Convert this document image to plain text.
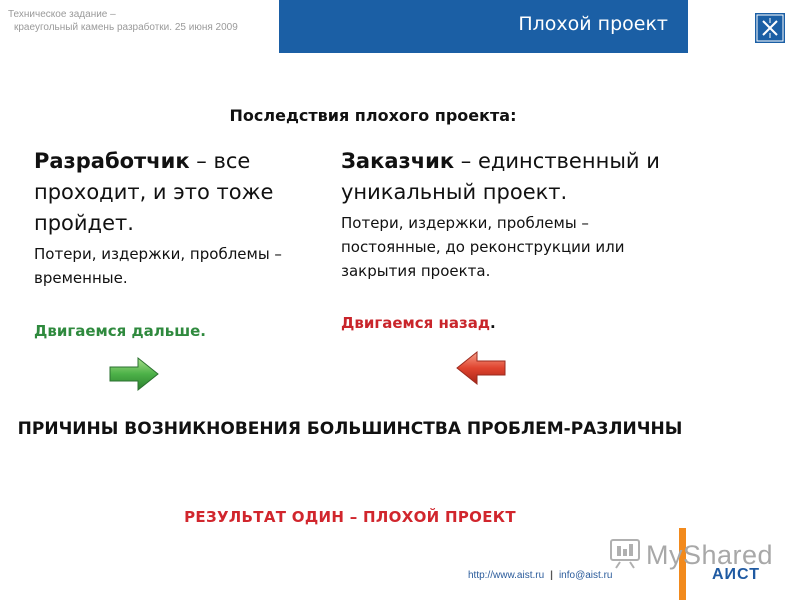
Техническое задание –
краеугольный камень разработки. 25 июня 2009	Плохой проект
Последствия плохого проекта:
Разработчик – все проходит, и это тоже пройдет.
Потери, издержки, проблемы – временные.
Заказчик – единственный и уникальный проект.
Потери, издержки, проблемы – постоянные, до реконструкции или закрытия проекта.
Двигаемся дальше.	Двигаемся назад.
ПРИЧИНЫ ВОЗНИКНОВЕНИЯ БОЛЬШИНСТВА ПРОБЛЕМ-РАЗЛИЧНЫ
РЕЗУЛЬТАТ ОДИН – ПЛОХОЙ ПРОЕКТ
MyShared
http://www.aist.ru | info@aist.ru	АИСТ
